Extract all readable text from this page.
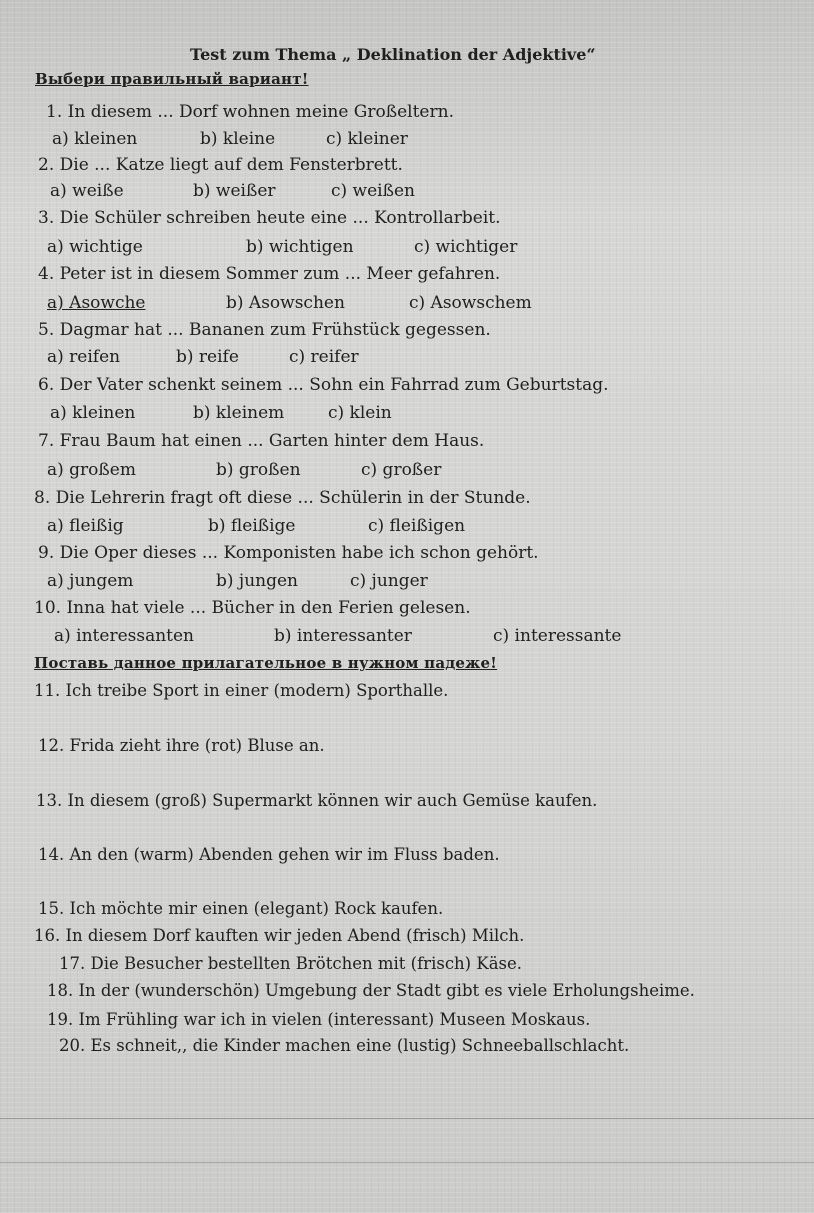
Test zum Thema „ Deklination der Adjektive“
Выбери правильный вариант!
1. In diesem ... Dorf wohnen meine Großeltern.
a) kleinen	b) kleine	c) kleiner
2. Die ... Katze liegt auf dem Fensterbrett.
a) weiße	b) weißer	c) weißen
3. Die Schüler schreiben heute eine ... Kontrollarbeit.
a) wichtige	b) wichtigen	c) wichtiger
4. Peter ist in diesem Sommer zum ... Meer gefahren.
a) Asowche	b) Asowschen	c) Asowschem
5. Dagmar hat ... Bananen zum Frühstück gegessen.
a) reifen	b) reife	c) reifer
6. Der Vater schenkt seinem ... Sohn ein Fahrrad zum Geburtstag.
a) kleinen	b) kleinem	c) klein
7. Frau Baum hat einen ... Garten hinter dem Haus.
a) großem	b) großen	c) großer
8. Die Lehrerin fragt oft diese ... Schülerin in der Stunde.
a) fleißig	b) fleißige	c) fleißigen
9. Die Oper dieses ... Komponisten habe ich schon gehört.
a) jungem	b) jungen	c) junger
10. Inna hat viele ... Bücher in den Ferien gelesen.
a) interessanten	b) interessanter	c) interessante
Поставь данное прилагательное в нужном падеже!
11. Ich treibe Sport in einer (modern) Sporthalle.
12. Frida zieht ihre (rot) Bluse an.
13. In diesem (groß) Supermarkt können wir auch Gemüse kaufen.
14. An den (warm) Abenden gehen wir im Fluss baden.
15. Ich möchte mir einen (elegant) Rock kaufen.
16. In diesem Dorf kauften wir jeden Abend (frisch) Milch.
17. Die Besucher bestellten Brötchen mit (frisch) Käse.
18. In der (wunderschön) Umgebung der Stadt gibt es viele Erholungsheime.
19. Im Frühling war ich in vielen (interessant) Museen Moskaus.
20. Es schneit,, die Kinder machen eine (lustig) Schneeballschlacht.
